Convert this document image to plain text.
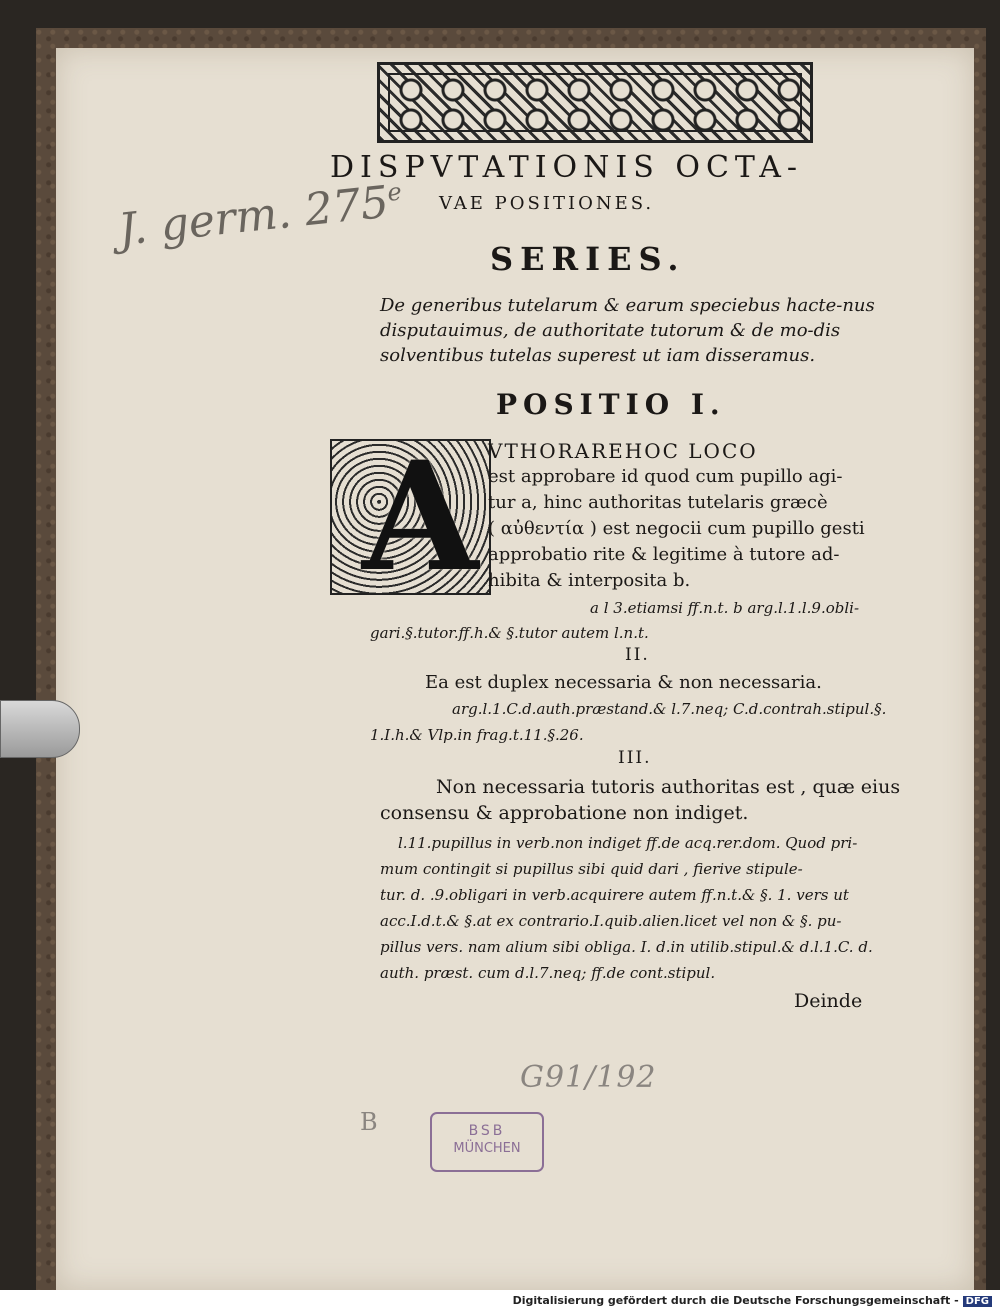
J. germ. 275e
DISPVTATIONIS OCTA-
VAE POSITIONES.
SERIES.
De generibus tutelarum & earum speciebus hacte-nus disputauimus, de authoritate tutorum & de mo-dis solventibus tutelas superest ut iam disseramus.
POSITIO I.
A VTHORAREHOC LOCO
est approbare id quod cum pupillo agi-
tur a, hinc authoritas tutelaris græcè
( αὐθεντία ) est negocii cum pupillo gesti
approbatio rite & legitime à tutore ad-
hibita & interposita b.
a l 3.etiamsi ff.n.t. b arg.l.1.l.9.obli-
gari.§.tutor.ff.h.& §.tutor autem l.n.t.
II.
Ea est duplex necessaria & non necessaria.
arg.l.1.C.d.auth.præstand.& l.7.neq; C.d.contrah.stipul.§.
1.I.h.& Vlp.in frag.t.11.§.26.
III.
Non necessaria tutoris authoritas est , quæ eius
consensu & approbatione non indiget.
l.11.pupillus in verb.non indiget ff.de acq.rer.dom. Quod pri-
mum contingit si pupillus sibi quid dari , fierive stipule-
tur. d. .9.obligari in verb.acquirere autem ff.n.t.& §. 1. vers ut
acc.I.d.t.& §.at ex contrario.I.quib.alien.licet vel non & §. pu-
pillus vers. nam alium sibi obliga. I. d.in utilib.stipul.& d.l.1.C. d.
auth. præst. cum d.l.7.neq; ff.de cont.stipul.
Deinde
G91/192
B	BSB
MÜNCHEN
Digitalisierung gefördert durch die Deutsche Forschungsgemeinschaft - DFG
